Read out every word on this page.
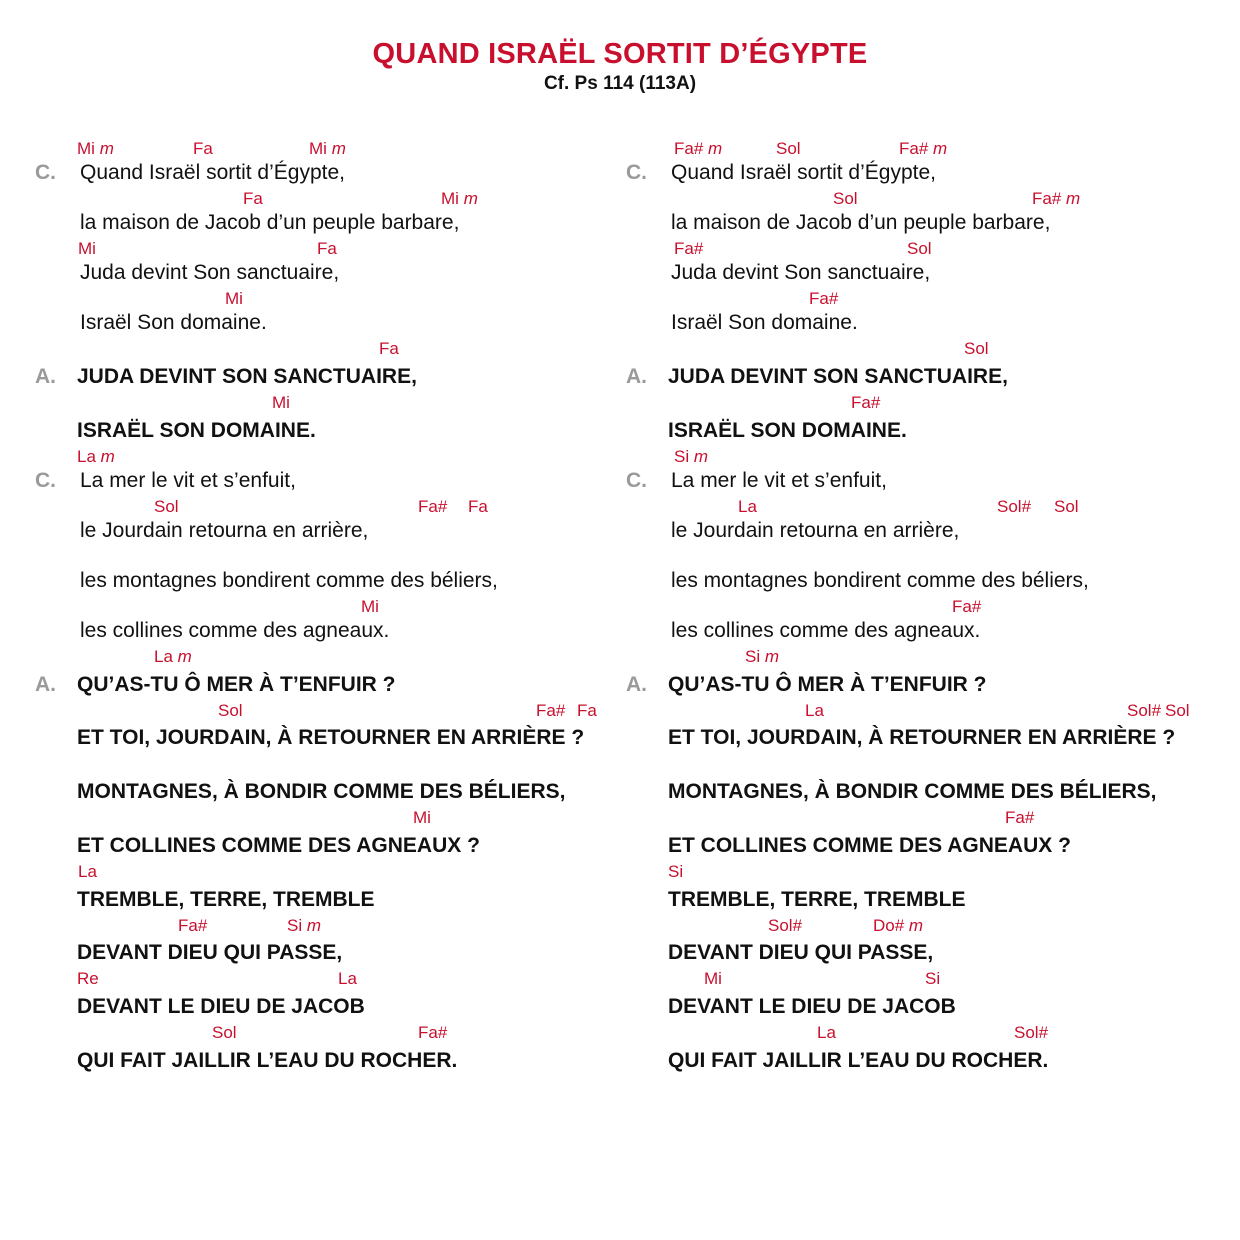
QUAND ISRAËL SORTIT D’ÉGYPTE
Cf. Ps 114 (113A)
Mi m	Fa	Mi m
C. Quand Israël sortit d’Égypte,
Fa	Mi m
la maison de Jacob d’un peuple barbare,
Mi	Fa
Juda devint Son sanctuaire,
Mi
Israël Son domaine.
Fa
A. JUDA DEVINT SON SANCTUAIRE,
Mi
ISRAËL SON DOMAINE.
La m
C. La mer le vit et s’enfuit,
Sol	Fa# Fa
le Jourdain retourna en arrière,
les montagnes bondirent comme des béliers,
Mi
les collines comme des agneaux.
La m
A. QU’AS-TU Ô MER À T’ENFUIR ?
Sol	Fa# Fa
ET TOI, JOURDAIN, À RETOURNER EN ARRIÈRE ?
MONTAGNES, À BONDIR COMME DES BÉLIERS,
Mi
ET COLLINES COMME DES AGNEAUX ?
La
TREMBLE, TERRE, TREMBLE
Fa#	Si m
DEVANT DIEU QUI PASSE,
Re	La
DEVANT LE DIEU DE JACOB
Sol	Fa#
QUI FAIT JAILLIR L’EAU DU ROCHER.
Fa# m	Sol	Fa# m
C. Quand Israël sortit d’Égypte,
Sol	Fa# m
la maison de Jacob d’un peuple barbare,
Fa#	Sol
Juda devint Son sanctuaire,
Fa#
Israël Son domaine.
Sol
A. JUDA DEVINT SON SANCTUAIRE,
Fa#
ISRAËL SON DOMAINE.
Si m
C. La mer le vit et s’enfuit,
La	Sol# Sol
le Jourdain retourna en arrière,
les montagnes bondirent comme des béliers,
Fa#
les collines comme des agneaux.
Si m
A. QU’AS-TU Ô MER À T’ENFUIR ?
La	Sol# Sol
ET TOI, JOURDAIN, À RETOURNER EN ARRIÈRE ?
MONTAGNES, À BONDIR COMME DES BÉLIERS,
Fa#
ET COLLINES COMME DES AGNEAUX ?
Si
TREMBLE, TERRE, TREMBLE
Sol#	Do# m
DEVANT DIEU QUI PASSE,
Mi	Si
DEVANT LE DIEU DE JACOB
La	Sol#
QUI FAIT JAILLIR L’EAU DU ROCHER.
